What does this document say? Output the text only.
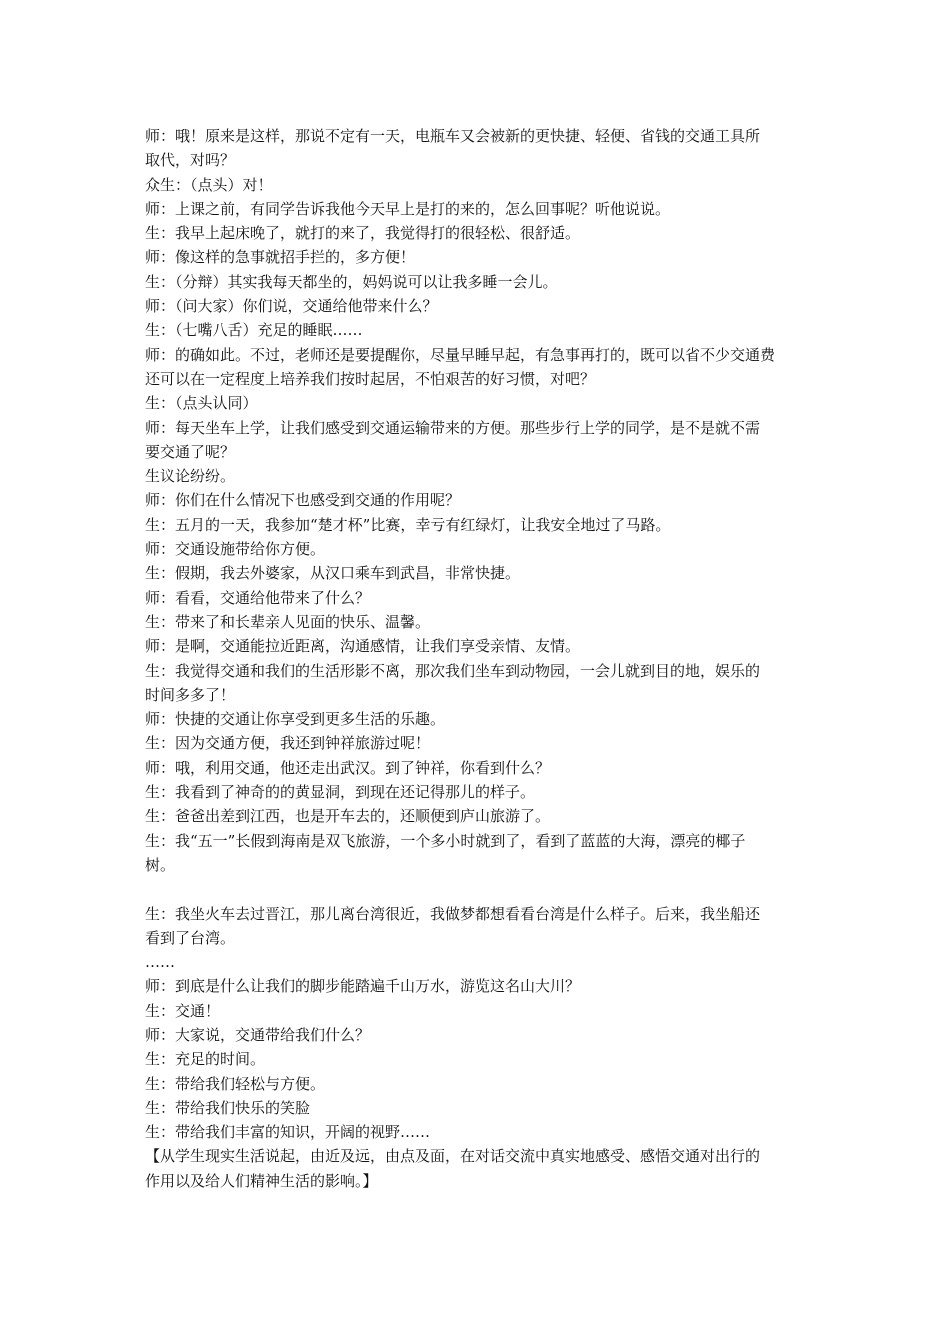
师：哦！原来是这样，那说不定有一天，电瓶车又会被新的更快捷、轻便、省钱的交通工具所
取代，对吗？
众生：（点头）对！
师：上课之前，有同学告诉我他今天早上是打的来的，怎么回事呢？听他说说。
生：我早上起床晚了，就打的来了，我觉得打的很轻松、很舒适。
师：像这样的急事就招手拦的，多方便！
生：（分辩）其实我每天都坐的，妈妈说可以让我多睡一会儿。
师：（问大家）你们说，交通给他带来什么？
生：（七嘴八舌）充足的睡眠……
师：的确如此。不过，老师还是要提醒你，尽量早睡早起，有急事再打的，既可以省不少交通费
还可以在一定程度上培养我们按时起居，不怕艰苦的好习惯，对吧？
生：（点头认同）
师：每天坐车上学，让我们感受到交通运输带来的方便。那些步行上学的同学，是不是就不需
要交通了呢？
生议论纷纷。
师：你们在什么情况下也感受到交通的作用呢？
生：五月的一天，我参加“楚才杯”比赛，幸亏有红绿灯，让我安全地过了马路。
师：交通设施带给你方便。
生：假期，我去外婆家，从汉口乘车到武昌，非常快捷。
师：看看，交通给他带来了什么？
生：带来了和长辈亲人见面的快乐、温馨。
师：是啊，交通能拉近距离，沟通感情，让我们享受亲情、友情。
生：我觉得交通和我们的生活形影不离，那次我们坐车到动物园，一会儿就到目的地，娱乐的
时间多多了！
师：快捷的交通让你享受到更多生活的乐趣。
生：因为交通方便，我还到钟祥旅游过呢！
师：哦，利用交通，他还走出武汉。到了钟祥，你看到什么？
生：我看到了神奇的的黄显洞，到现在还记得那儿的样子。
生：爸爸出差到江西，也是开车去的，还顺便到庐山旅游了。
生：我“五一”长假到海南是双飞旅游，一个多小时就到了，看到了蓝蓝的大海，漂亮的椰子
树。
生：我坐火车去过晋江，那儿离台湾很近，我做梦都想看看台湾是什么样子。后来，我坐船还
看到了台湾。
……
师：到底是什么让我们的脚步能踏遍千山万水，游览这名山大川？
生：交通！
师：大家说，交通带给我们什么？
生：充足的时间。
生：带给我们轻松与方便。
生：带给我们快乐的笑脸
生：带给我们丰富的知识，开阔的视野……
【从学生现实生活说起，由近及远，由点及面，在对话交流中真实地感受、感悟交通对出行的
作用以及给人们精神生活的影响。】
